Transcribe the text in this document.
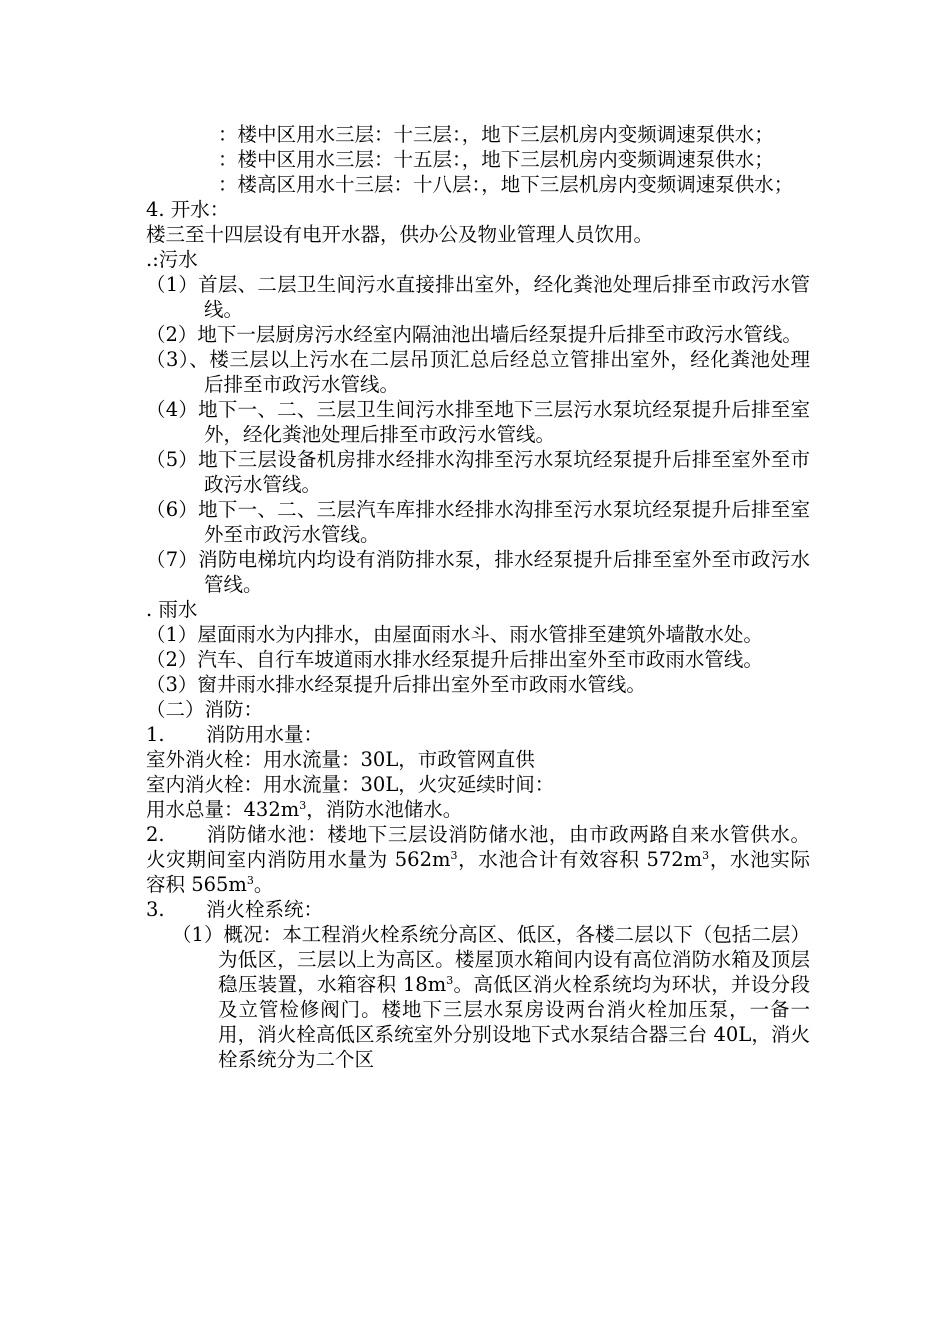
：楼中区用水三层：十三层：，地下三层机房内变频调速泵供水；

：楼中区用水三层：十五层：，地下三层机房内变频调速泵供水；

：楼高区用水十三层：十八层：，地下三层机房内变频调速泵供水；

4. 开水：

楼三至十四层设有电开水器，供办公及物业管理人员饮用。

.:污水

（1）首层、二层卫生间污水直接排出室外，经化粪池处理后排至市政污水管线。

（2）地下一层厨房污水经室内隔油池出墙后经泵提升后排至市政污水管线。

（3）、楼三层以上污水在二层吊顶汇总后经总立管排出室外，经化粪池处理后排至市政污水管线。

（4）地下一、二、三层卫生间污水排至地下三层污水泵坑经泵提升后排至室外，经化粪池处理后排至市政污水管线。

（5）地下三层设备机房排水经排水沟排至污水泵坑经泵提升后排至室外至市政污水管线。

（6）地下一、二、三层汽车库排水经排水沟排至污水泵坑经泵提升后排至室外至市政污水管线。

（7）消防电梯坑内均设有消防排水泵，排水经泵提升后排至室外至市政污水管线。

. 雨水

（1）屋面雨水为内排水，由屋面雨水斗、雨水管排至建筑外墙散水处。

（2）汽车、自行车坡道雨水排水经泵提升后排出室外至市政雨水管线。

（3）窗井雨水排水经泵提升后排出室外至市政雨水管线。

（二）消防：

1. 消防用水量：

室外消火栓：用水流量：30L，市政管网直供

室内消火栓：用水流量：30L，火灾延续时间：

用水总量：$432m^3$，消防水池储水。

2. 消防储水池：楼地下三层设消防储水池，由市政两路自来水管供水。火灾期间室内消防用水量为 $562m^3$，水池合计有效容积 $572m^3$，水池实际容积 $565m^3$。

3. 消火栓系统：

（1）概况：本工程消火栓系统分高区、低区，各楼二层以下（包括二层）为低区，三层以上为高区。楼屋顶水箱间内设有高位消防水箱及顶层稳压装置，水箱容积 $18m^3$。高低区消火栓系统均为环状，并设分段及立管检修阀门。楼地下三层水泵房设两台消火栓加压泵，一备一用，消火栓高低区系统室外分别设地下式水泵结合器三台 40L，消火栓系统分为二个区
